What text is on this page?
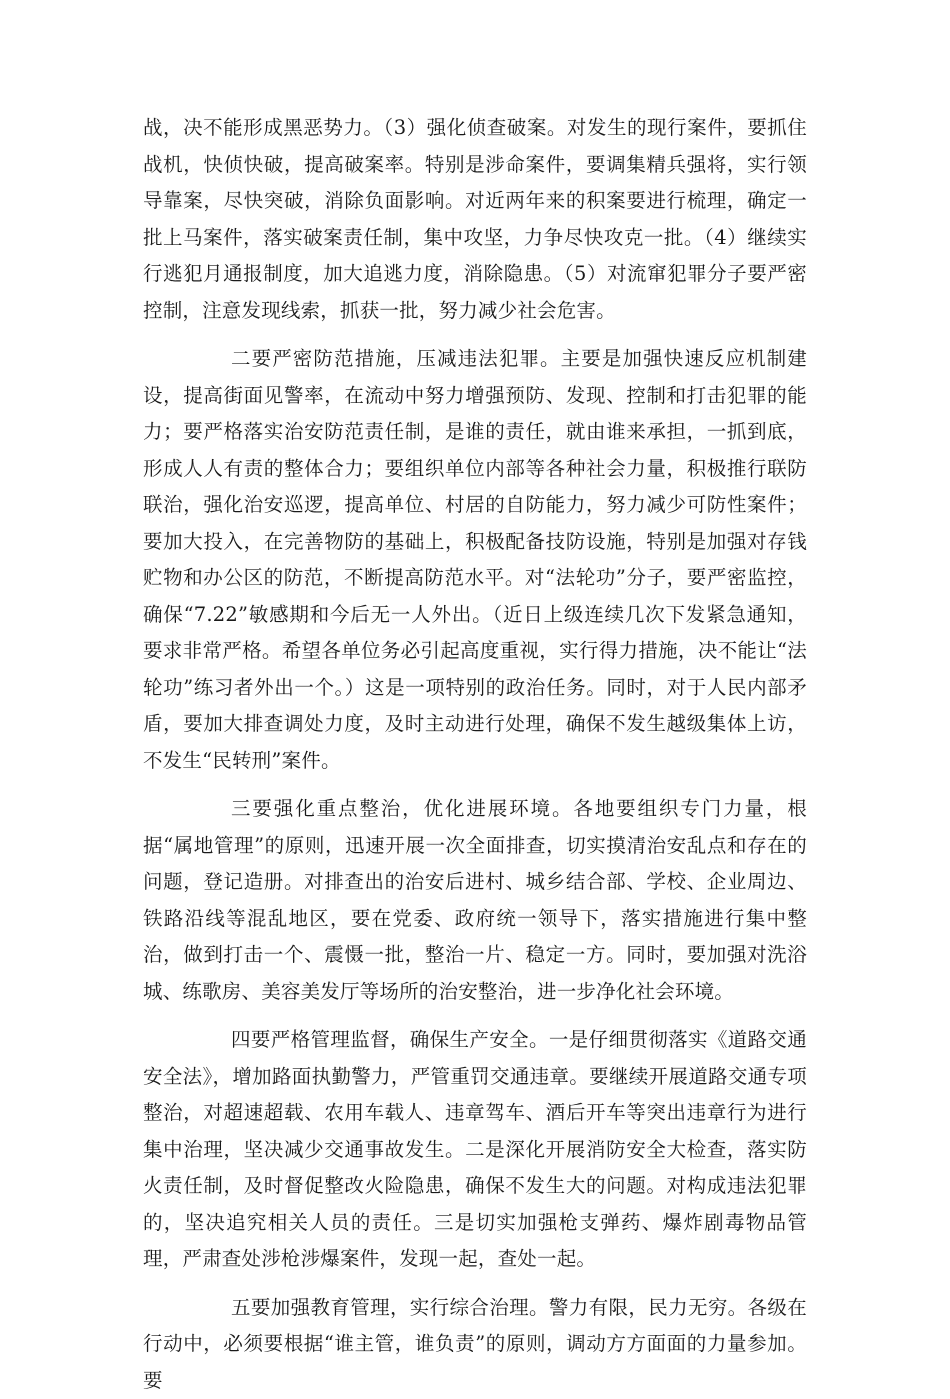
战，决不能形成黑恶势力。（3）强化侦查破案。对发生的现行案件，要抓住战机，快侦快破，提高破案率。特别是涉命案件，要调集精兵强将，实行领导靠案，尽快突破，消除负面影响。对近两年来的积案要进行梳理，确定一批上马案件，落实破案责任制，集中攻坚，力争尽快攻克一批。（4）继续实行逃犯月通报制度，加大追逃力度，消除隐患。（5）对流窜犯罪分子要严密控制，注意发现线索，抓获一批，努力减少社会危害。

二要严密防范措施，压减违法犯罪。主要是加强快速反应机制建设，提高街面见警率，在流动中努力增强预防、发现、控制和打击犯罪的能力；要严格落实治安防范责任制，是谁的责任，就由谁来承担，一抓到底，形成人人有责的整体合力；要组织单位内部等各种社会力量，积极推行联防联治，强化治安巡逻，提高单位、村居的自防能力，努力减少可防性案件；要加大投入，在完善物防的基础上，积极配备技防设施，特别是加强对存钱贮物和办公区的防范，不断提高防范水平。对“法轮功”分子，要严密监控，确保“7.22”敏感期和今后无一人外出。（近日上级连续几次下发紧急通知，要求非常严格。希望各单位务必引起高度重视，实行得力措施，决不能让“法轮功”练习者外出一个。）这是一项特别的政治任务。同时，对于人民内部矛盾，要加大排查调处力度，及时主动进行处理，确保不发生越级集体上访，不发生“民转刑”案件。

三要强化重点整治，优化进展环境。各地要组织专门力量，根据“属地管理”的原则，迅速开展一次全面排查，切实摸清治安乱点和存在的问题，登记造册。对排查出的治安后进村、城乡结合部、学校、企业周边、铁路沿线等混乱地区，要在党委、政府统一领导下，落实措施进行集中整治，做到打击一个、震慑一批，整治一片、稳定一方。同时，要加强对洗浴城、练歌房、美容美发厅等场所的治安整治，进一步净化社会环境。

四要严格管理监督，确保生产安全。一是仔细贯彻落实《道路交通安全法》，增加路面执勤警力，严管重罚交通违章。要继续开展道路交通专项整治，对超速超载、农用车载人、违章驾车、酒后开车等突出违章行为进行集中治理，坚决减少交通事故发生。二是深化开展消防安全大检查，落实防火责任制，及时督促整改火险隐患，确保不发生大的问题。对构成违法犯罪的，坚决追究相关人员的责任。三是切实加强枪支弹药、爆炸剧毒物品管理，严肃查处涉枪涉爆案件，发现一起，查处一起。

五要加强教育管理，实行综合治理。警力有限，民力无穷。各级在行动中，必须要根据“谁主管，谁负责”的原则，调动方方面面的力量参加。要
